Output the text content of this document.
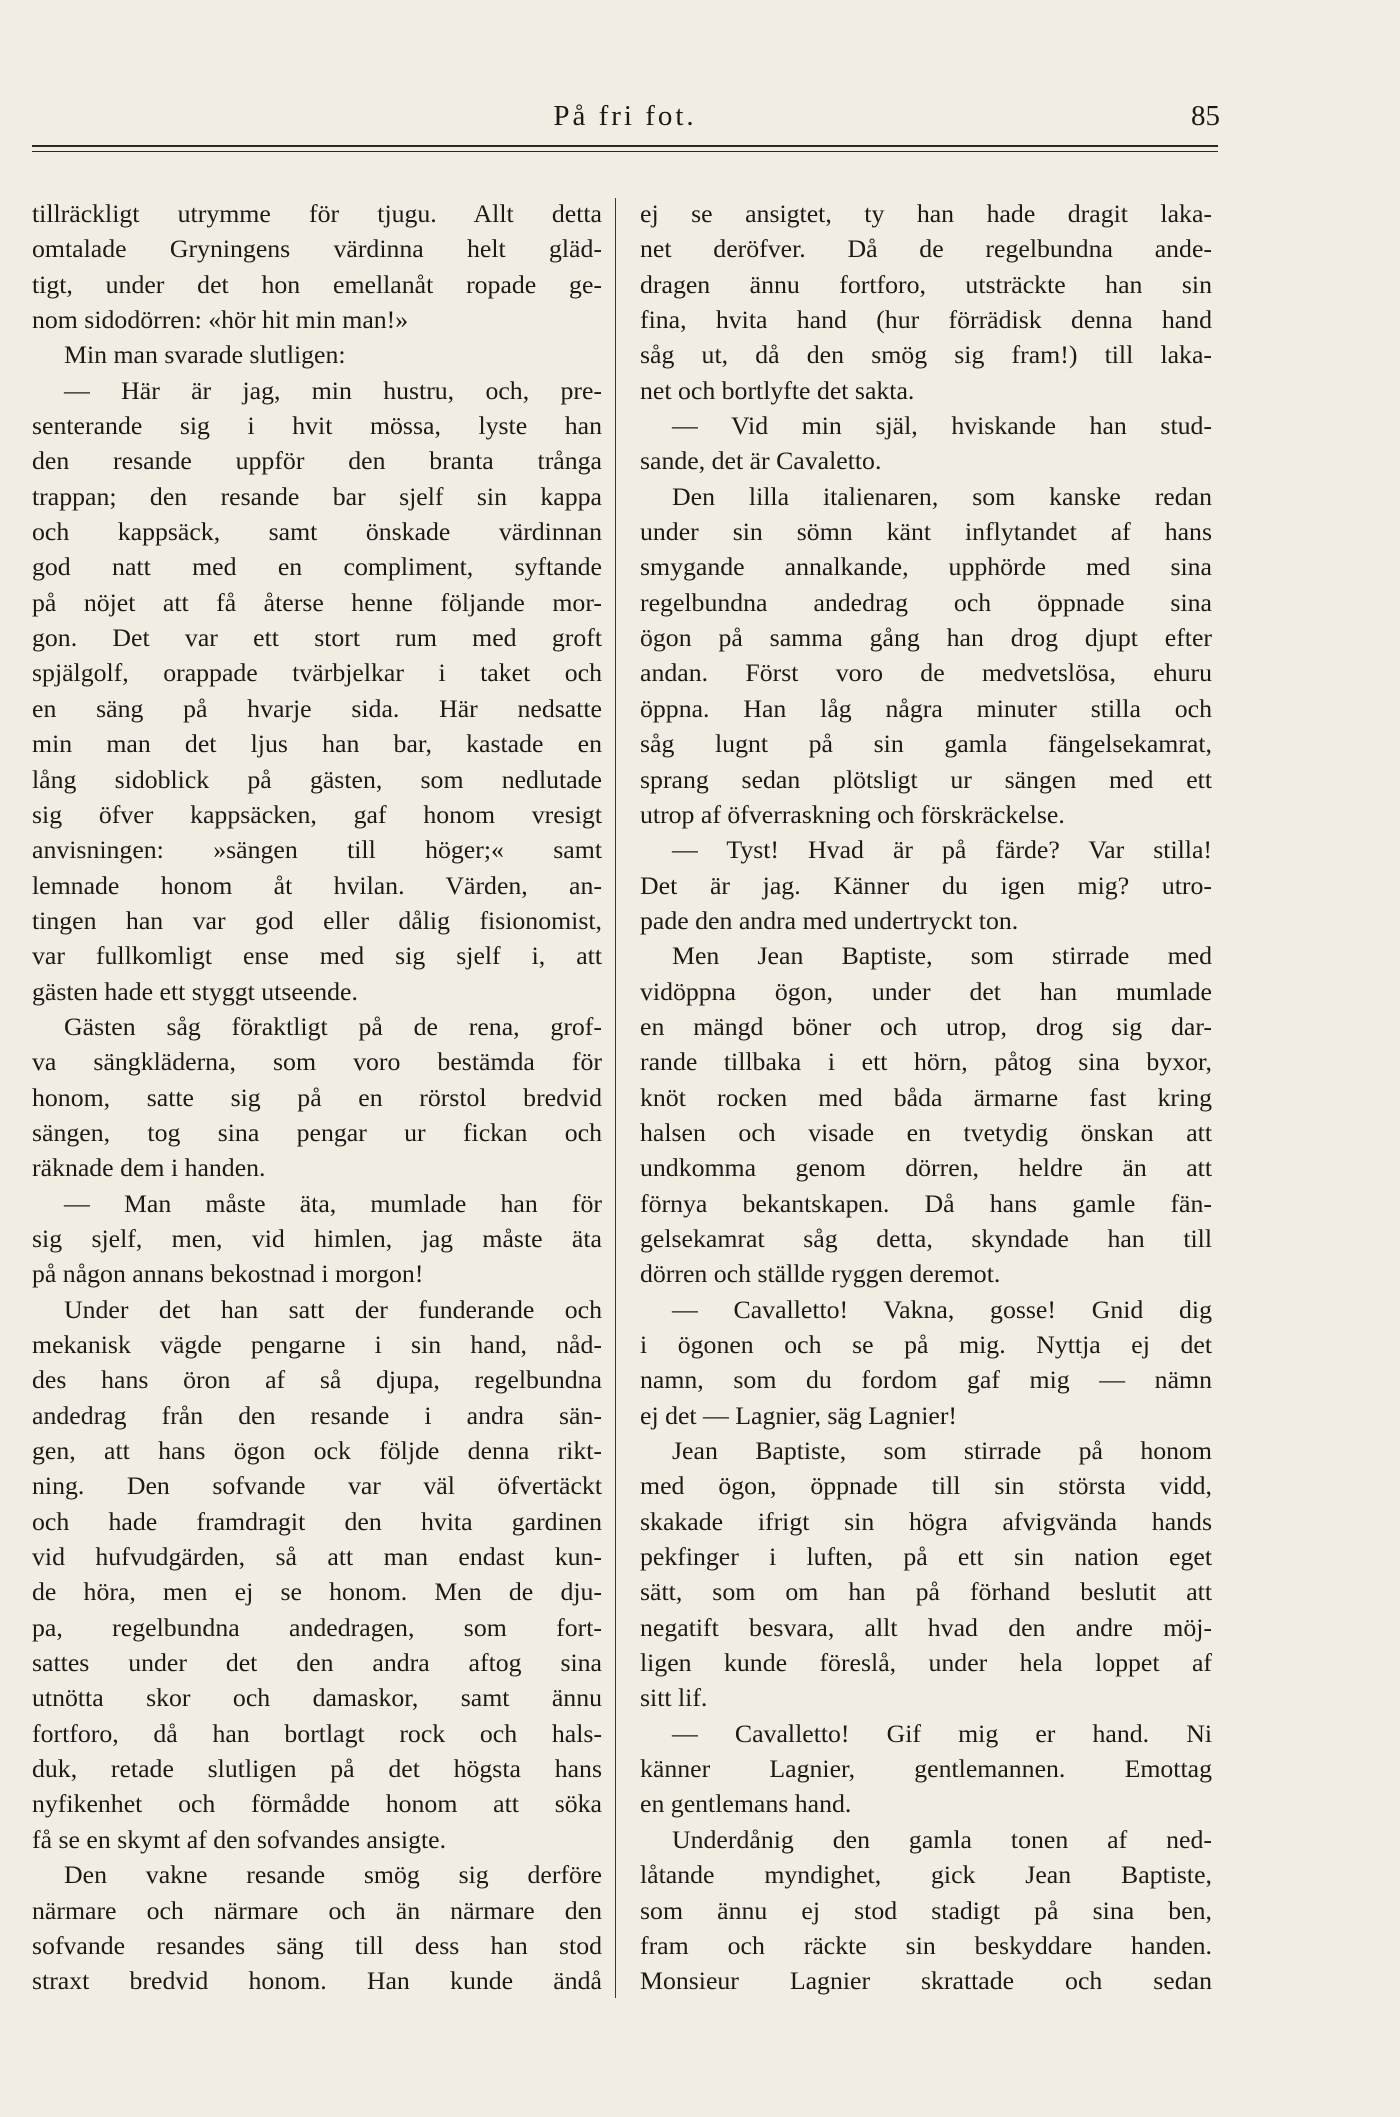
På fri fot.	85
tillräckligt utrymme för tjugu. Allt detta
omtalade Gryningens värdinna helt gläd-
tigt, under det hon emellanåt ropade ge-
nom sidodörren: «hör hit min man!»
Min man svarade slutligen:
— Här är jag, min hustru, och, pre-
senterande sig i hvit mössa, lyste han
den resande uppför den branta trånga
trappan; den resande bar sjelf sin kappa
och kappsäck, samt önskade värdinnan
god natt med en compliment, syftande
på nöjet att få återse henne följande mor-
gon. Det var ett stort rum med groft
spjälgolf, orappade tvärbjelkar i taket och
en säng på hvarje sida. Här nedsatte
min man det ljus han bar, kastade en
lång sidoblick på gästen, som nedlutade
sig öfver kappsäcken, gaf honom vresigt
anvisningen: »sängen till höger;« samt
lemnade honom åt hvilan. Värden, an-
tingen han var god eller dålig fisionomist,
var fullkomligt ense med sig sjelf i, att
gästen hade ett styggt utseende.
Gästen såg föraktligt på de rena, grof-
va sängkläderna, som voro bestämda för
honom, satte sig på en rörstol bredvid
sängen, tog sina pengar ur fickan och
räknade dem i handen.
— Man måste äta, mumlade han för
sig sjelf, men, vid himlen, jag måste äta
på någon annans bekostnad i morgon!
Under det han satt der funderande och
mekanisk vägde pengarne i sin hand, nåd-
des hans öron af så djupa, regelbundna
andedrag från den resande i andra sän-
gen, att hans ögon ock följde denna rikt-
ning. Den sofvande var väl öfvertäckt
och hade framdragit den hvita gardinen
vid hufvudgärden, så att man endast kun-
de höra, men ej se honom. Men de dju-
pa, regelbundna andedragen, som fort-
sattes under det den andra aftog sina
utnötta skor och damaskor, samt ännu
fortforo, då han bortlagt rock och hals-
duk, retade slutligen på det högsta hans
nyfikenhet och förmådde honom att söka
få se en skymt af den sofvandes ansigte.
Den vakne resande smög sig derföre
närmare och närmare och än närmare den
sofvande resandes säng till dess han stod
straxt bredvid honom. Han kunde ändå
ej se ansigtet, ty han hade dragit laka-
net deröfver. Då de regelbundna ande-
dragen ännu fortforo, utsträckte han sin
fina, hvita hand (hur förrädisk denna hand
såg ut, då den smög sig fram!) till laka-
net och bortlyfte det sakta.
— Vid min själ, hviskande han stud-
sande, det är Cavaletto.
Den lilla italienaren, som kanske redan
under sin sömn känt inflytandet af hans
smygande annalkande, upphörde med sina
regelbundna andedrag och öppnade sina
ögon på samma gång han drog djupt efter
andan. Först voro de medvetslösa, ehuru
öppna. Han låg några minuter stilla och
såg lugnt på sin gamla fängelsekamrat,
sprang sedan plötsligt ur sängen med ett
utrop af öfverraskning och förskräckelse.
— Tyst! Hvad är på färde? Var stilla!
Det är jag. Känner du igen mig? utro-
pade den andra med undertryckt ton.
Men Jean Baptiste, som stirrade med
vidöppna ögon, under det han mumlade
en mängd böner och utrop, drog sig dar-
rande tillbaka i ett hörn, påtog sina byxor,
knöt rocken med båda ärmarne fast kring
halsen och visade en tvetydig önskan att
undkomma genom dörren, heldre än att
förnya bekantskapen. Då hans gamle fän-
gelsekamrat såg detta, skyndade han till
dörren och ställde ryggen deremot.
— Cavalletto! Vakna, gosse! Gnid dig
i ögonen och se på mig. Nyttja ej det
namn, som du fordom gaf mig — nämn
ej det — Lagnier, säg Lagnier!
Jean Baptiste, som stirrade på honom
med ögon, öppnade till sin största vidd,
skakade ifrigt sin högra afvigvända hands
pekfinger i luften, på ett sin nation eget
sätt, som om han på förhand beslutit att
negatift besvara, allt hvad den andre möj-
ligen kunde föreslå, under hela loppet af
sitt lif.
— Cavalletto! Gif mig er hand. Ni
känner Lagnier, gentlemannen. Emottag
en gentlemans hand.
Underdånig den gamla tonen af ned-
låtande myndighet, gick Jean Baptiste,
som ännu ej stod stadigt på sina ben,
fram och räckte sin beskyddare handen.
Monsieur Lagnier skrattade och sedan
